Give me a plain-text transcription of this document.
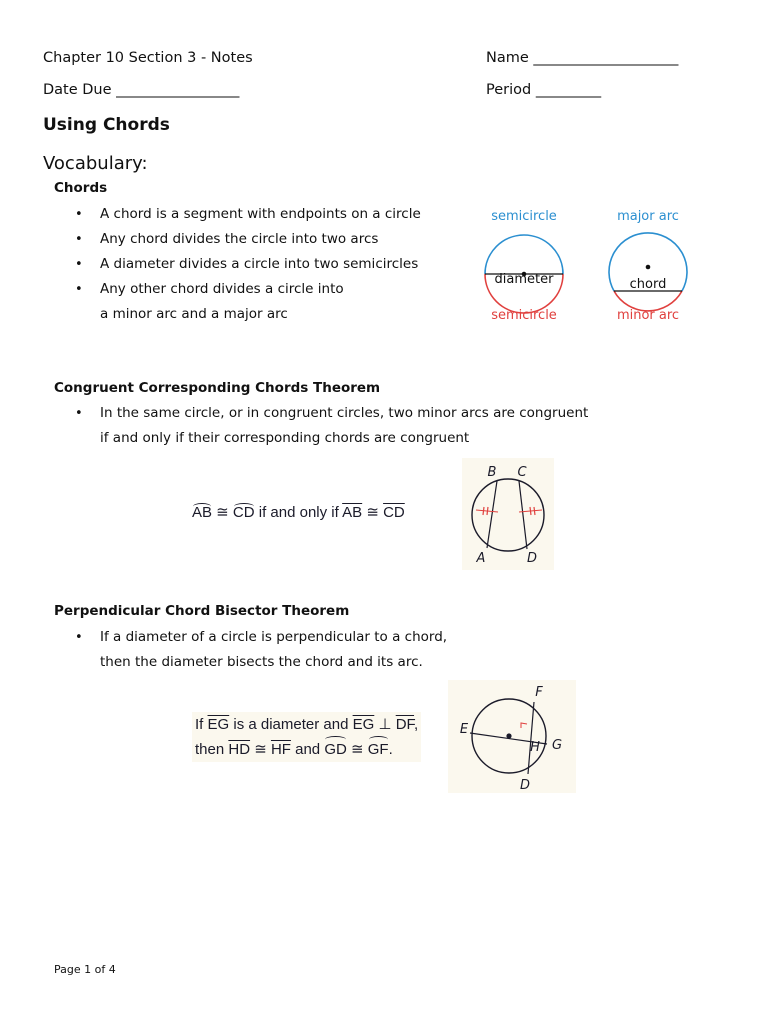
Chapter 10 Section 3 - Notes	Name ____________________
Date Due _________________	Period _________
Using Chords
Vocabulary:
Chords
• A chord is a segment with endpoints on a circle
• Any chord divides the circle into two arcs
• A diameter divides a circle into two semicircles
• Any other chord divides a circle into
a minor arc and a major arc
semicircle
diameter
semicircle
major arc
chord
minor arc
Congruent Corresponding Chords Theorem
• In the same circle, or in congruent circles, two minor arcs are congruent
if and only if their corresponding chords are congruent
AB ≅ CD if and only if $\overline{AB}$ ≅ $\overline{CD}$
B C
A	D
Perpendicular Chord Bisector Theorem
• If a diameter of a circle is perpendicular to a chord,
then the diameter bisects the chord and its arc.
If $\overline{EG}$ is a diameter and $\overline{EG}$ ⊥ $\overline{DF}$,
then $\overline{HD}$ ≅ $\overline{HF}$ and GD ≅ GF.
F
E
H G
D
Page 1 of 4
